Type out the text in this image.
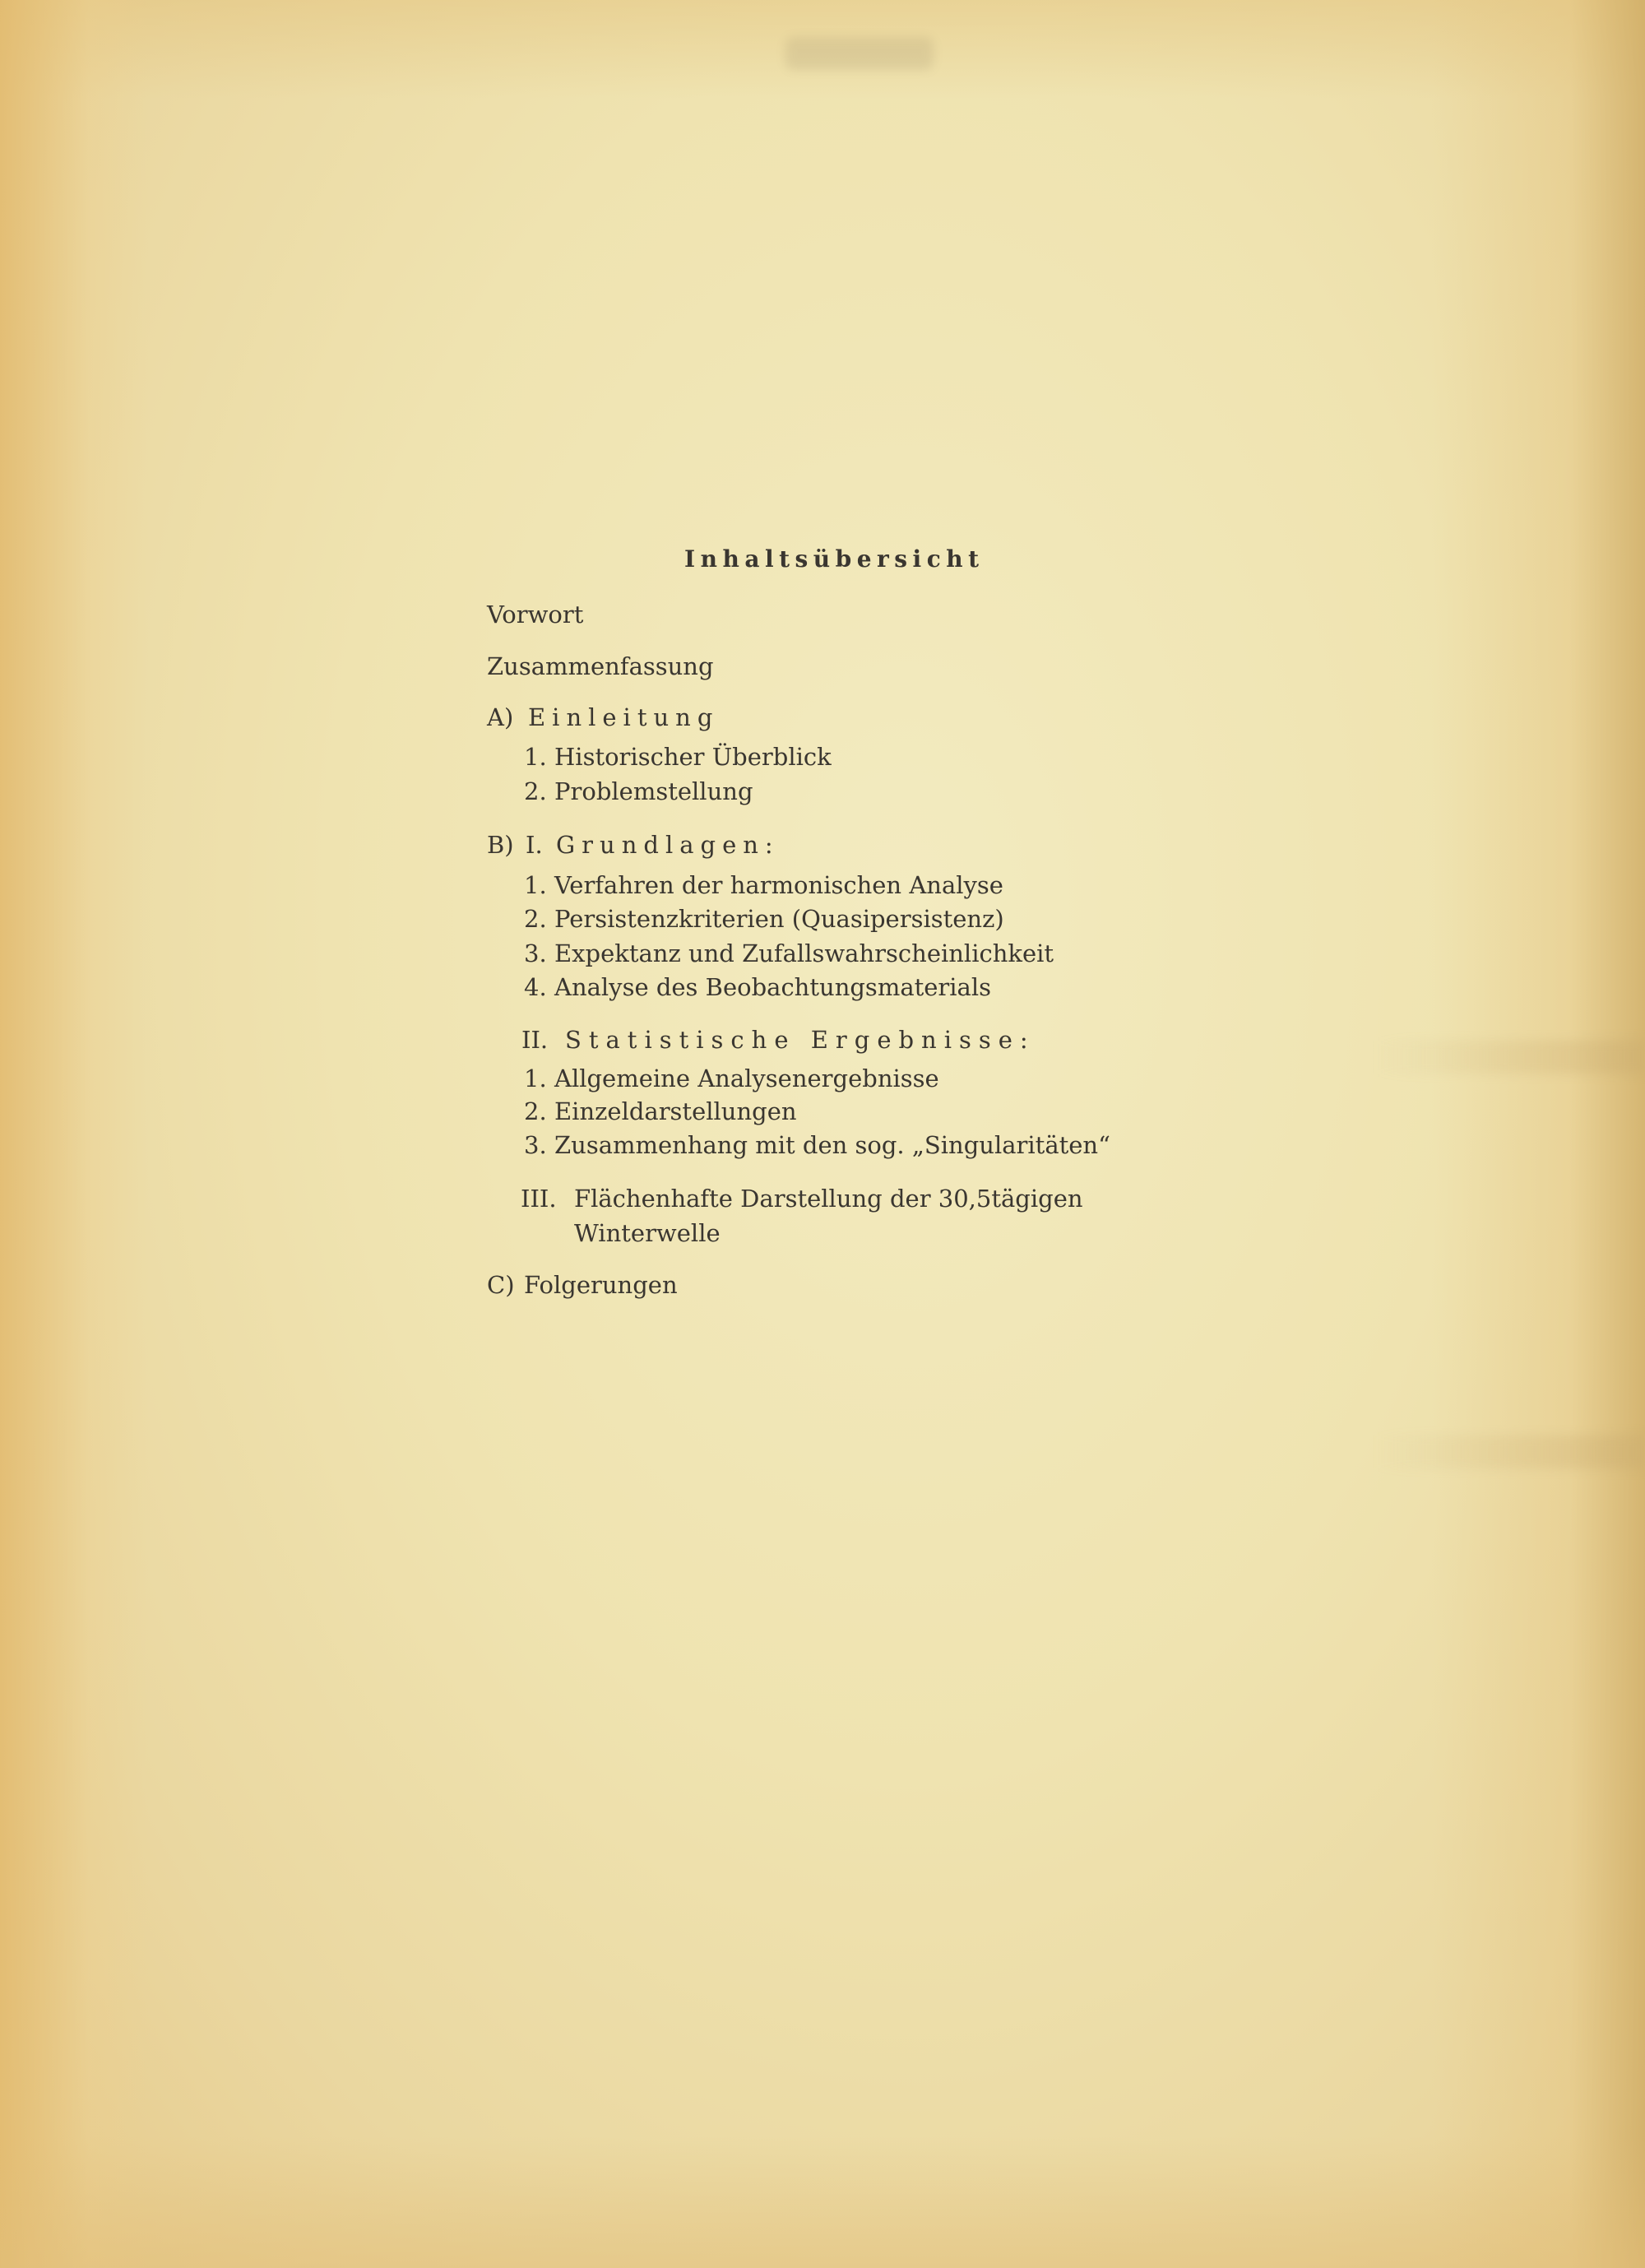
Inhaltsübersicht
Vorwort
Zusammenfassung
A) Einleitung
1. Historischer Überblick
2. Problemstellung
B) I. Grundlagen:
1. Verfahren der harmonischen Analyse
2. Persistenzkriterien (Quasipersistenz)
3. Expektanz und Zufallswahrscheinlichkeit
4. Analyse des Beobachtungsmaterials
II. Statistische Ergebnisse:
1. Allgemeine Analysenergebnisse
2. Einzeldarstellungen
3. Zusammenhang mit den sog. „Singularitäten“
III. Flächenhafte Darstellung der 30,5tägigen
Winterwelle
C) Folgerungen
